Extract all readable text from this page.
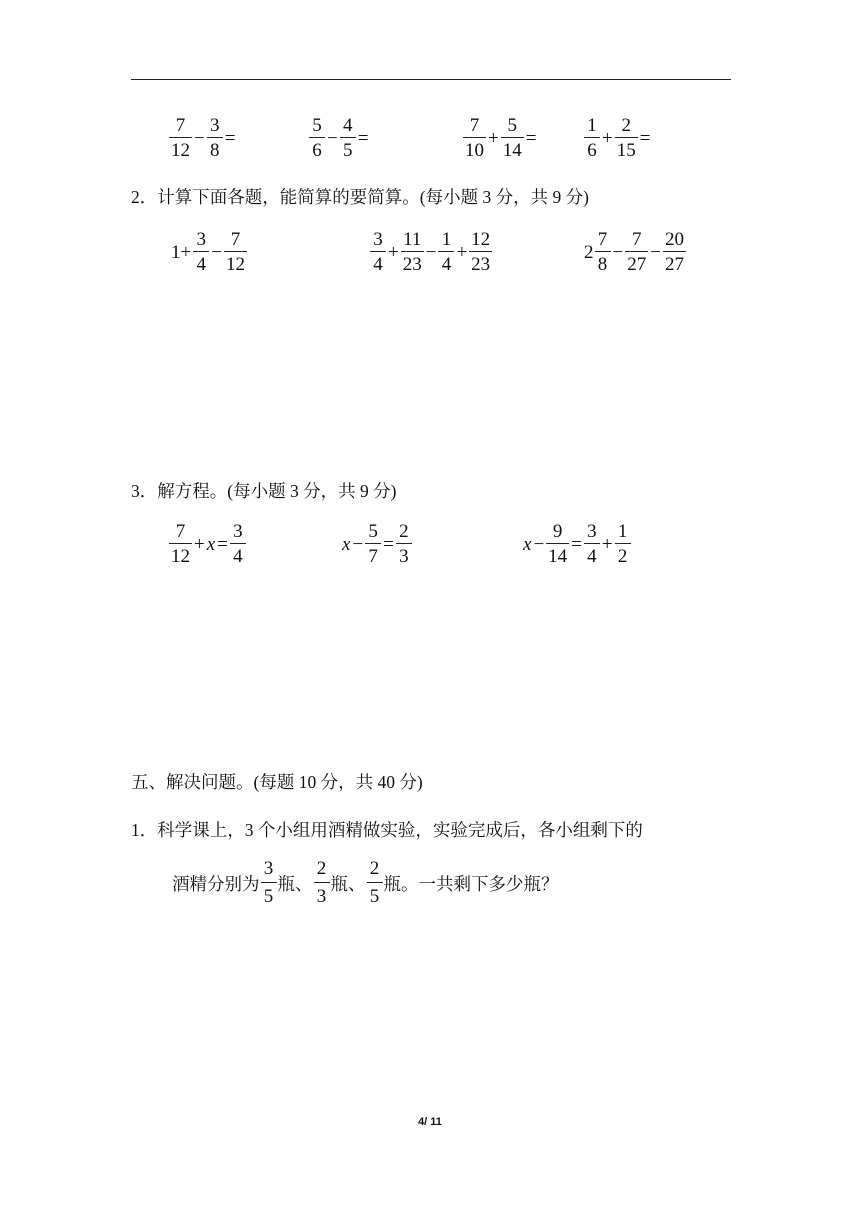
$\frac{7}{12} - \frac{3}{8}$ =	$\frac{5}{6} - \frac{4}{5}$ =	$\frac{7}{10} + \frac{5}{14}$ =	$\frac{1}{6} + \frac{2}{15}$ =
2．计算下面各题，能简算的要简算。(每小题 3 分，共 9 分)
$1+ \frac{3}{4} - \frac{7}{12}$	$\frac{3}{4} + \frac{11}{23} - \frac{1}{4} + \frac{12}{23}$	$2 \frac{7}{8} - \frac{7}{27} - \frac{20}{27}$
3．解方程。(每小题 3 分，共 9 分)
$\frac{7}{12} + x = \frac{3}{4}$	$x - \frac{5}{7} = \frac{2}{3}$	$x - \frac{9}{14} = \frac{3}{4} + \frac{1}{2}$
五、解决问题。(每题 10 分，共 40 分)
1．科学课上，3 个小组用酒精做实验，实验完成后，各小组剩下的
酒精分别为 $\frac{3}{5}$ 瓶、 $\frac{2}{3}$ 瓶、 $\frac{2}{5}$ 瓶。一共剩下多少瓶？
4/ 11
